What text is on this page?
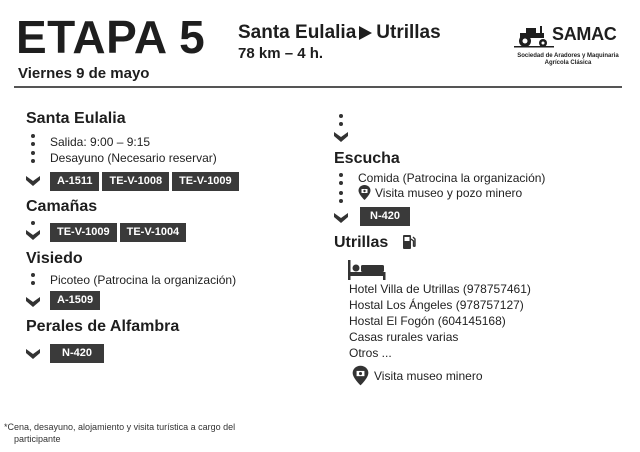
ETAPA 5 Santa Eulalia Utrillas
78 km – 4 h.
Viernes 9 de mayo
SAMAC
Sociedad de Aradores y Maquinaria
Agrícola Clásica
Santa Eulalia
Salida: 9:00 – 9:15
Desayuno (Necesario reservar)
A-1511	TE-V-1008	TE-V-1009
Camañas
TE-V-1009	TE-V-1004
Visiedo
Picoteo (Patrocina la organización)
A-1509
Perales de Alfambra
N-420
Escucha
Comida (Patrocina la organización)
Visita museo y pozo minero
N-420
Utrillas
Hotel Villa de Utrillas (978757461)
Hostal Los Ángeles (978757127)
Hostal El Fogón (604145168)
Casas rurales varias
Otros ...
Visita museo minero
*Cena, desayuno, alojamiento y visita turística a cargo del
participante
